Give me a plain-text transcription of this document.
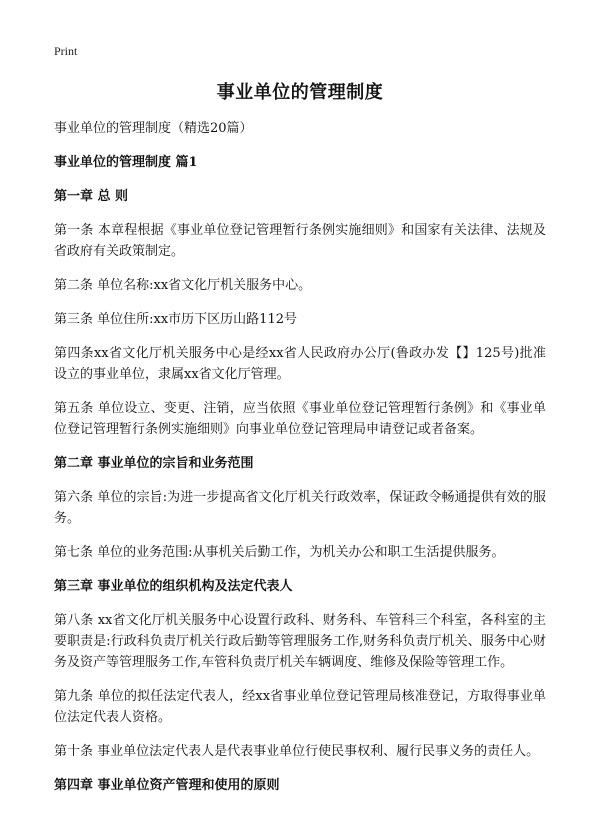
Print
事业单位的管理制度

事业单位的管理制度（精选20篇）

事业单位的管理制度 篇1

第一章 总 则

第一条 本章程根据《事业单位登记管理暂行条例实施细则》和国家有关法律、法规及省政府有关政策制定。

第二条 单位名称:xx省文化厅机关服务中心。

第三条 单位住所:xx市历下区历山路112号

第四条xx省文化厅机关服务中心是经xx省人民政府办公厅(鲁政办发【】125号)批准设立的事业单位，隶属xx省文化厅管理。

第五条 单位设立、变更、注销，应当依照《事业单位登记管理暂行条例》和《事业单位登记管理暂行条例实施细则》向事业单位登记管理局申请登记或者备案。

第二章 事业单位的宗旨和业务范围

第六条 单位的宗旨:为进一步提高省文化厅机关行政效率，保证政令畅通提供有效的服务。

第七条 单位的业务范围:从事机关后勤工作，为机关办公和职工生活提供服务。

第三章 事业单位的组织机构及法定代表人

第八条 xx省文化厅机关服务中心设置行政科、财务科、车管科三个科室，各科室的主要职责是:行政科负责厅机关行政后勤等管理服务工作,财务科负责厅机关、服务中心财务及资产等管理服务工作,车管科负责厅机关车辆调度、维修及保险等管理工作。

第九条 单位的拟任法定代表人，经xx省事业单位登记管理局核准登记，方取得事业单位法定代表人资格。

第十条 事业单位法定代表人是代表事业单位行使民事权利、履行民事义务的责任人。

第四章 事业单位资产管理和使用的原则
